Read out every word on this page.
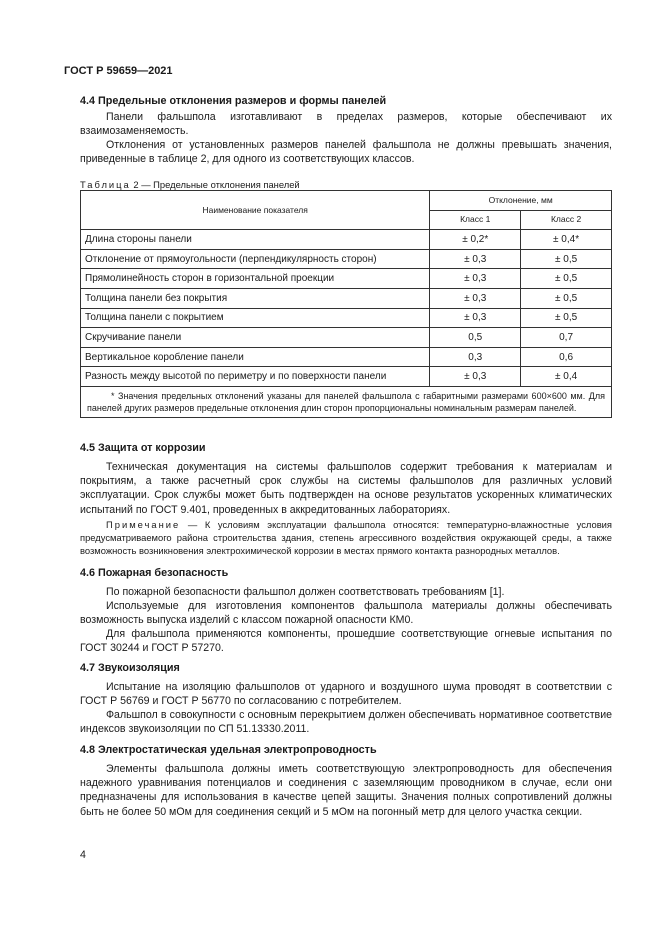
ГОСТ Р 59659—2021
4.4 Предельные отклонения размеров и формы панелей
Панели фальшпола изготавливают в пределах размеров, которые обеспечивают их взаимозаменяемость.
Отклонения от установленных размеров панелей фальшпола не должны превышать значения, приведенные в таблице 2, для одного из соответствующих классов.
Таблица 2 — Предельные отклонения панелей
Наименование показателя	Отклонение, мм	
	Класс 1	Класс 2
Длина стороны панели	± 0,2*	± 0,4*
Отклонение от прямоугольности (перпендикулярность сторон)	± 0,3	± 0,5
Прямолинейность сторон в горизонтальной проекции	± 0,3	± 0,5
Толщина панели без покрытия	± 0,3	± 0,5
Толщина панели с покрытием	± 0,3	± 0,5
Скручивание панели	0,5	0,7
Вертикальное коробление панели	0,3	0,6
Разность между высотой по периметру и по поверхности панели	± 0,3	± 0,4
* Значения предельных отклонений указаны для панелей фальшпола с габаритными размерами 600×600 мм. Для панелей других размеров предельные отклонения длин сторон пропорциональны номинальным размерам панелей.		
4.5 Защита от коррозии
Техническая документация на системы фальшполов содержит требования к материалам и покрытиям, а также расчетный срок службы на системы фальшполов для различных условий эксплуатации. Срок службы может быть подтвержден на основе результатов ускоренных климатических испытаний по ГОСТ 9.401, проведенных в аккредитованных лабораториях.
Примечание — К условиям эксплуатации фальшпола относятся: температурно-влажностные условия предусматриваемого района строительства здания, степень агрессивного воздействия окружающей среды, а также возможность возникновения электрохимической коррозии в местах прямого контакта разнородных металлов.
4.6 Пожарная безопасность
По пожарной безопасности фальшпол должен соответствовать требованиям [1].
Используемые для изготовления компонентов фальшпола материалы должны обеспечивать возможность выпуска изделий с классом пожарной опасности КМ0.
Для фальшпола применяются компоненты, прошедшие соответствующие огневые испытания по ГОСТ 30244 и ГОСТ Р 57270.
4.7 Звукоизоляция
Испытание на изоляцию фальшполов от ударного и воздушного шума проводят в соответствии с ГОСТ Р 56769 и ГОСТ Р 56770 по согласованию с потребителем.
Фальшпол в совокупности с основным перекрытием должен обеспечивать нормативное соответствие индексов звукоизоляции по СП 51.13330.2011.
4.8 Электростатическая удельная электропроводность
Элементы фальшпола должны иметь соответствующую электропроводность для обеспечения надежного уравнивания потенциалов и соединения с заземляющим проводником в случае, если они предназначены для использования в качестве цепей защиты. Значения полных сопротивлений должны быть не более 50 мОм для соединения секций и 5 мОм на погонный метр для целого участка секции.
4
